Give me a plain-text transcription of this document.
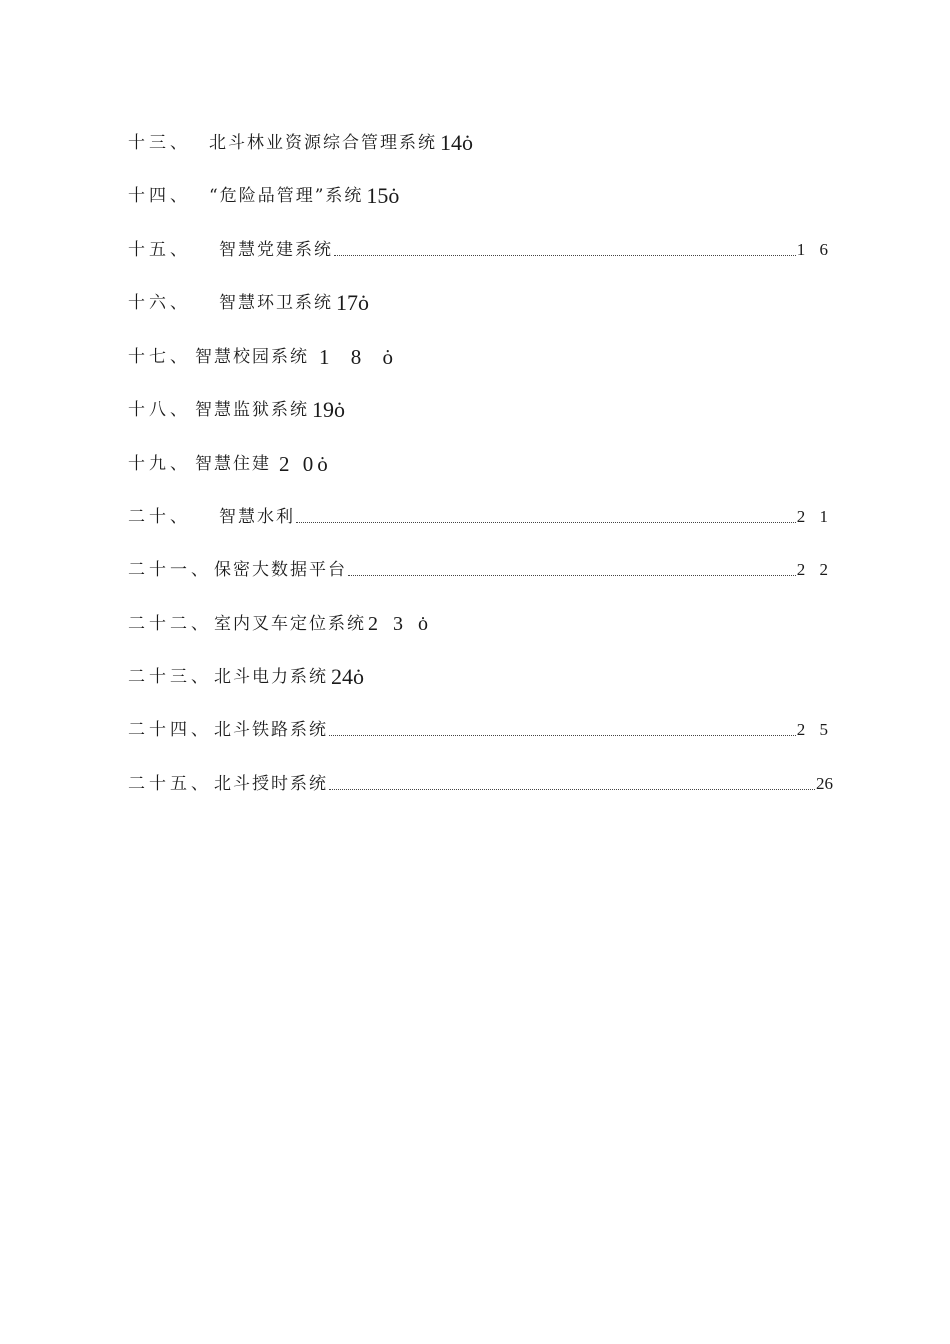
十三、 北斗林业资源综合管理系统 14ȯ
十四、 “危险品管理”系统 15ȯ
十五、 智慧党建系统	1 6
十六、 智慧环卫系统 17ȯ
十七、 智慧校园系统 1 8 ȯ
十八、 智慧监狱系统 19ȯ
十九、 智慧住建 2 0ȯ
二十、 智慧水利	2 1
二十一、 保密大数据平台	2 2
二十二、 室内叉车定位系统 2 3 ȯ
二十三、 北斗电力系统 24ȯ
二十四、 北斗铁路系统	2 5
二十五、 北斗授时系统	26
